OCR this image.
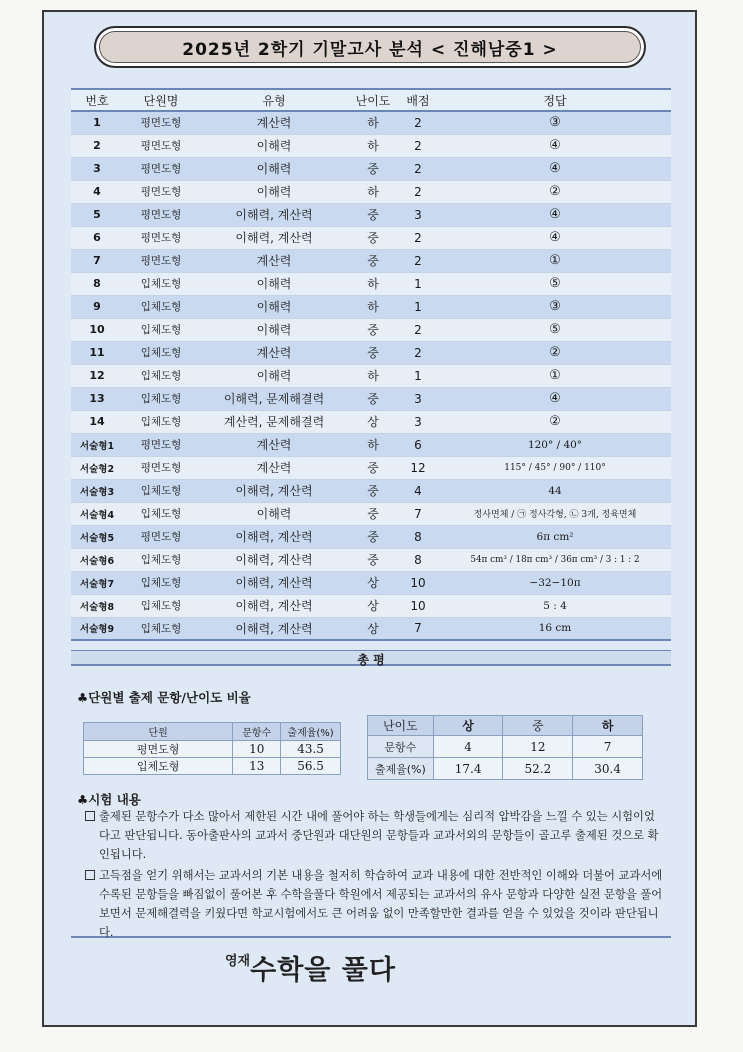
2025년 2학기 기말고사 분석 < 진해남중1 >
번호	단원명	유형	난이도	배점	정답
1	평면도형	계산력	하	2	③
2	평면도형	이해력	하	2	④
3	평면도형	이해력	중	2	④
4	평면도형	이해력	하	2	②
5	평면도형	이해력, 계산력	중	3	④
6	평면도형	이해력, 계산력	중	2	④
7	평면도형	계산력	중	2	①
8	입체도형	이해력	하	1	⑤
9	입체도형	이해력	하	1	③
10	입체도형	이해력	중	2	⑤
11	입체도형	계산력	중	2	②
12	입체도형	이해력	하	1	①
13	입체도형	이해력, 문제해결력	중	3	④
14	입체도형	계산력, 문제해결력	상	3	②
서술형1	평면도형	계산력	하	6	120° / 40°
서술형2	평면도형	계산력	중	12	115° / 45° / 90° / 110°
서술형3	입체도형	이해력, 계산력	중	4	44
서술형4	입체도형	이해력	중	7	정사면체 / ㉠ 정사각형, ㉡ 3개, 정육면체
서술형5	평면도형	이해력, 계산력	중	8	6π cm²
서술형6	입체도형	이해력, 계산력	중	8	54π cm³ / 18π cm³ / 36π cm³ / 3 : 1 : 2
서술형7	입체도형	이해력, 계산력	상	10	−32−10π
서술형8	입체도형	이해력, 계산력	상	10	5 : 4
서술형9	입체도형	이해력, 계산력	상	7	16 cm
총 평
♣단원별 출제 문항/난이도 비율
단원	문항수	출제율(%)
평면도형	10	43.5
입체도형	13	56.5
난이도	상	중	하
문항수	4	12	7
출제율(%)	17.4	52.2	30.4
♣시험 내용
출제된 문항수가 다소 많아서 제한된 시간 내에 풀어야 하는 학생들에게는 심리적 압박감을 느낄 수 있는 시험이었다고 판단됩니다. 동아출판사의 교과서 중단원과 대단원의 문항들과 교과서외의 문항들이 골고루 출제된 것으로 확인됩니다.
고득점을 얻기 위해서는 교과서의 기본 내용을 철저히 학습하여 교과 내용에 대한 전반적인 이해와 더불어 교과서에 수록된 문항들을 빠짐없이 풀어본 후 수학을풀다 학원에서 제공되는 교과서의 유사 문항과 다양한 실전 문항을 풀어보면서 문제해결력을 키웠다면 학교시험에서도 큰 어려움 없이 만족할만한 결과를 얻을 수 있었을 것이라 판단됩니다.
$^{영재}$수학을 풀다
